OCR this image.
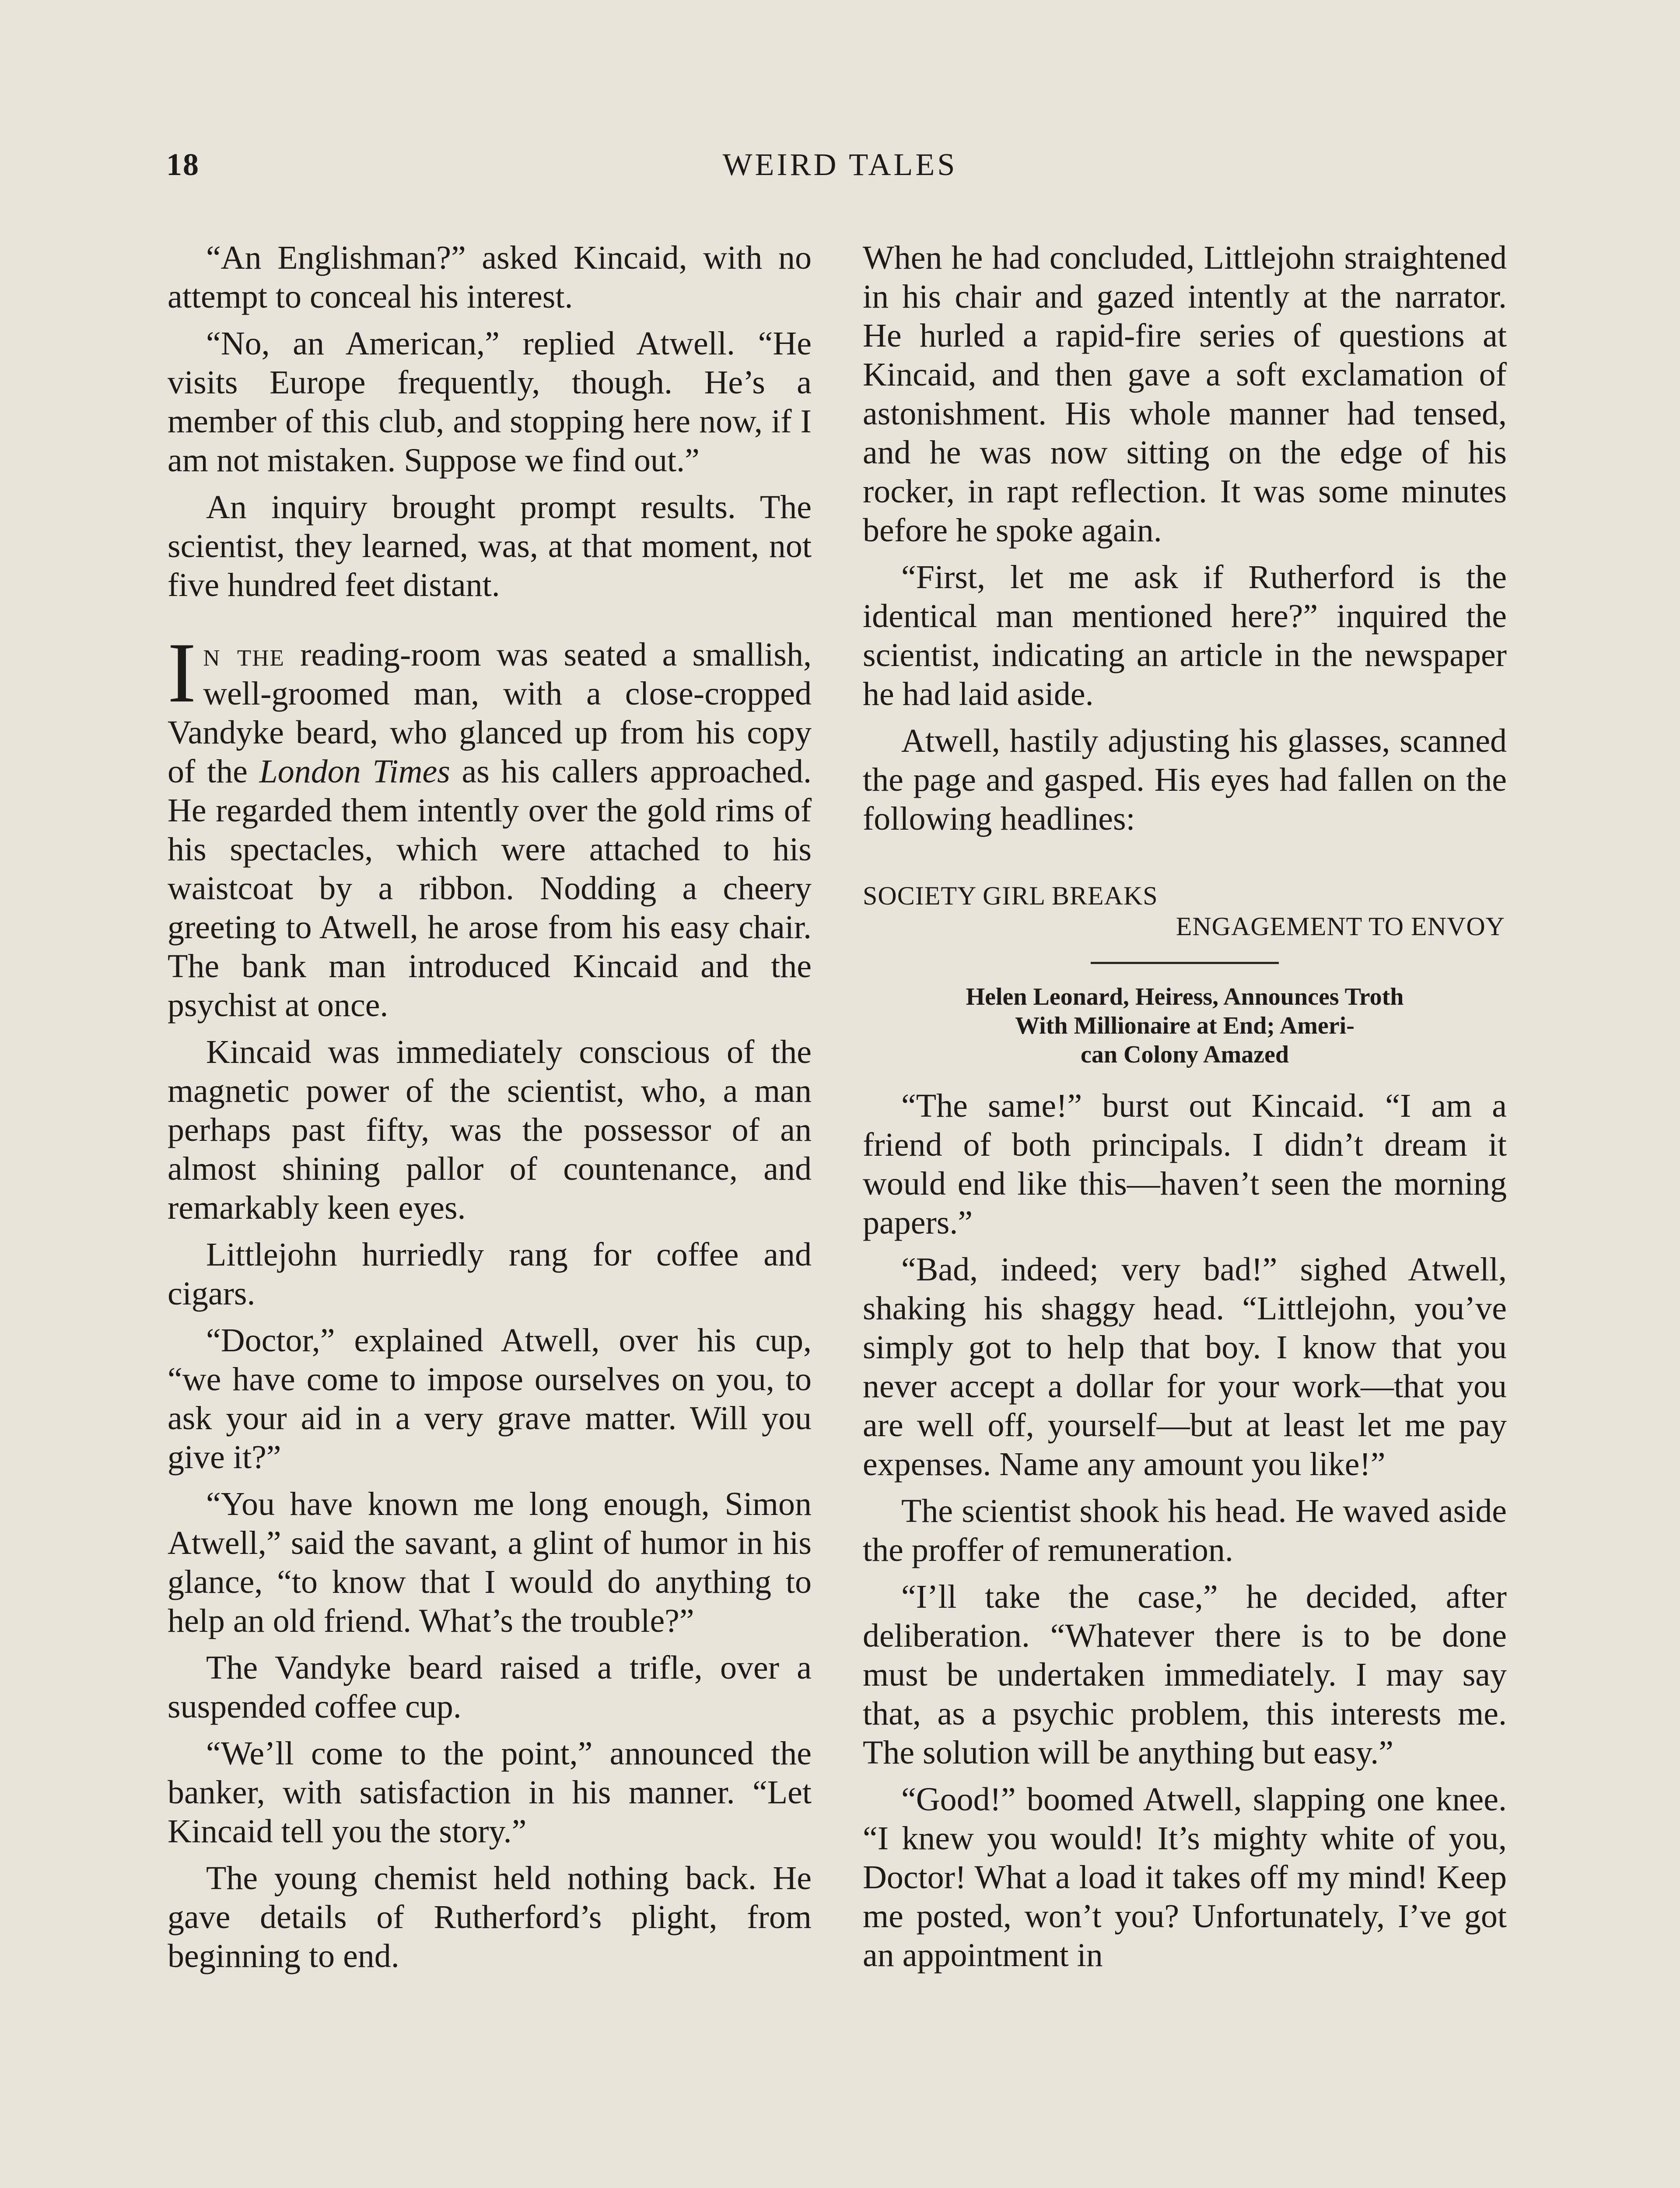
18	WEIRD TALES

“An Englishman?” asked Kincaid, with no attempt to conceal his interest.

“No, an American,” replied Atwell. “He visits Europe frequently, though. He’s a member of this club, and stopping here now, if I am not mistaken. Suppose we find out.”

An inquiry brought prompt results. The scientist, they learned, was, at that moment, not five hundred feet distant.

In the reading-room was seated a smallish, well-groomed man, with a close-cropped Vandyke beard, who glanced up from his copy of the London Times as his callers approached. He regarded them intently over the gold rims of his spectacles, which were attached to his waistcoat by a ribbon. Nodding a cheery greeting to Atwell, he arose from his easy chair. The bank man introduced Kincaid and the psychist at once.

Kincaid was immediately conscious of the magnetic power of the scientist, who, a man perhaps past fifty, was the possessor of an almost shining pallor of countenance, and remarkably keen eyes.

Littlejohn hurriedly rang for coffee and cigars.

“Doctor,” explained Atwell, over his cup, “we have come to impose ourselves on you, to ask your aid in a very grave matter. Will you give it?”

“You have known me long enough, Simon Atwell,” said the savant, a glint of humor in his glance, “to know that I would do anything to help an old friend. What’s the trouble?”

The Vandyke beard raised a trifle, over a suspended coffee cup.

“We’ll come to the point,” announced the banker, with satisfaction in his manner. “Let Kincaid tell you the story.”

The young chemist held nothing back. He gave details of Rutherford’s plight, from beginning to end.

When he had concluded, Littlejohn straightened in his chair and gazed intently at the narrator. He hurled a rapid-fire series of questions at Kincaid, and then gave a soft exclamation of astonishment. His whole manner had tensed, and he was now sitting on the edge of his rocker, in rapt reflection. It was some minutes before he spoke again.

“First, let me ask if Rutherford is the identical man mentioned here?” inquired the scientist, indicating an article in the newspaper he had laid aside.

Atwell, hastily adjusting his glasses, scanned the page and gasped. His eyes had fallen on the following headlines:

SOCIETY GIRL BREAKS
ENGAGEMENT TO ENVOY
Helen Leonard, Heiress, Announces Troth
With Millionaire at End; Ameri-
can Colony Amazed

“The same!” burst out Kincaid. “I am a friend of both principals. I didn’t dream it would end like this—haven’t seen the morning papers.”

“Bad, indeed; very bad!” sighed Atwell, shaking his shaggy head. “Littlejohn, you’ve simply got to help that boy. I know that you never accept a dollar for your work—that you are well off, yourself—but at least let me pay expenses. Name any amount you like!”

The scientist shook his head. He waved aside the proffer of remuneration.

“I’ll take the case,” he decided, after deliberation. “Whatever there is to be done must be undertaken immediately. I may say that, as a psychic problem, this interests me. The solution will be anything but easy.”

“Good!” boomed Atwell, slapping one knee. “I knew you would! It’s mighty white of you, Doctor! What a load it takes off my mind! Keep me posted, won’t you? Unfortunately, I’ve got an appointment in
